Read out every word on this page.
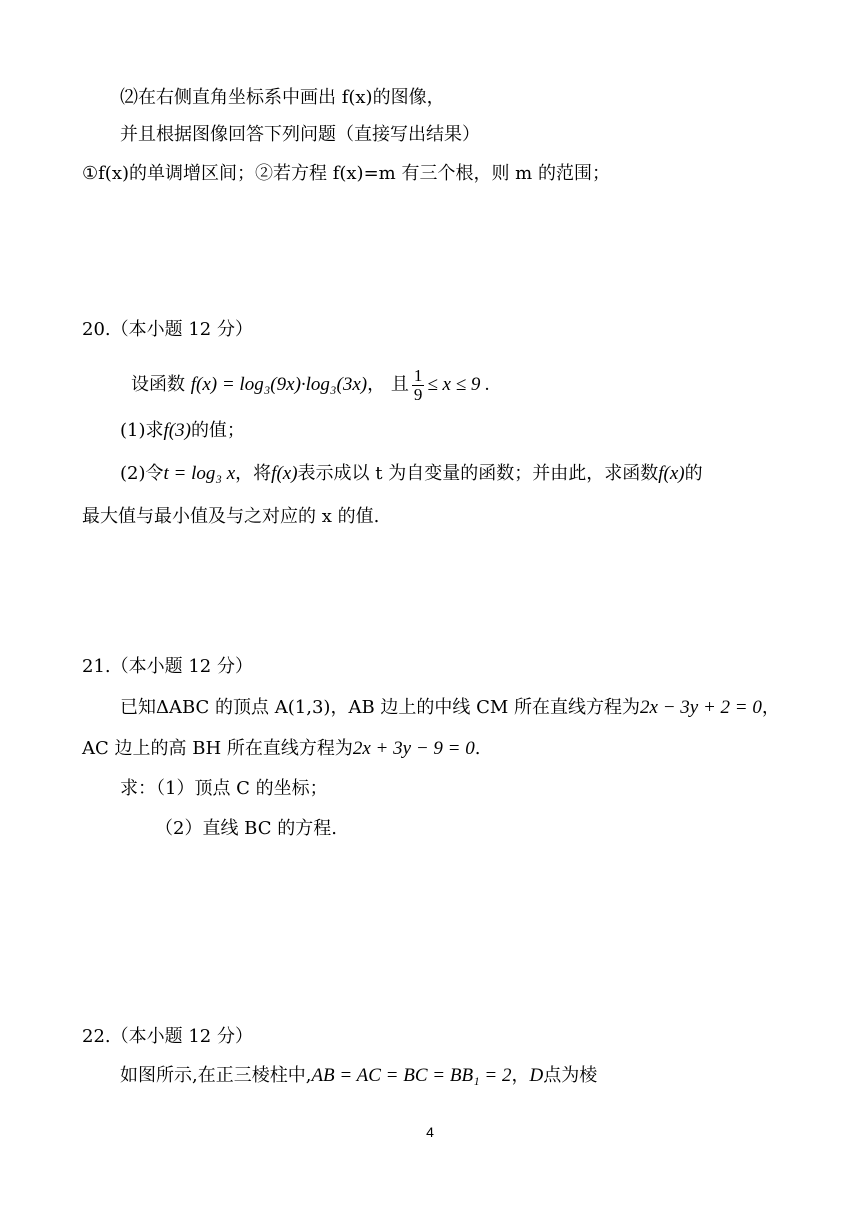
⑵在右侧直角坐标系中画出 f(x)的图像，
并且根据图像回答下列问题（直接写出结果）
①f(x)的单调增区间；②若方程 f(x)=m 有三个根，则 m 的范围；
20.（本小题 12 分）
设函数 f(x) = log₃(9x)·log₃(3x)， 且 $\frac{1}{9} \le x \le 9$ .
(1)求f(3)的值；
(2)令t = log₃ x，将f(x)表示成以 t 为自变量的函数；并由此，求函数f(x)的
最大值与最小值及与之对应的 x 的值.
21.（本小题 12 分）
已知ΔABC 的顶点 A(1,3)，AB 边上的中线 CM 所在直线方程为2x − 3y + 2 = 0，
AC 边上的高 BH 所在直线方程为2x + 3y − 9 = 0.
求：（1）顶点 C 的坐标；
（2）直线 BC 的方程.
22.（本小题 12 分）
如图所示,在正三棱柱中,AB = AC = BC = BB₁ = 2，D点为棱
4
